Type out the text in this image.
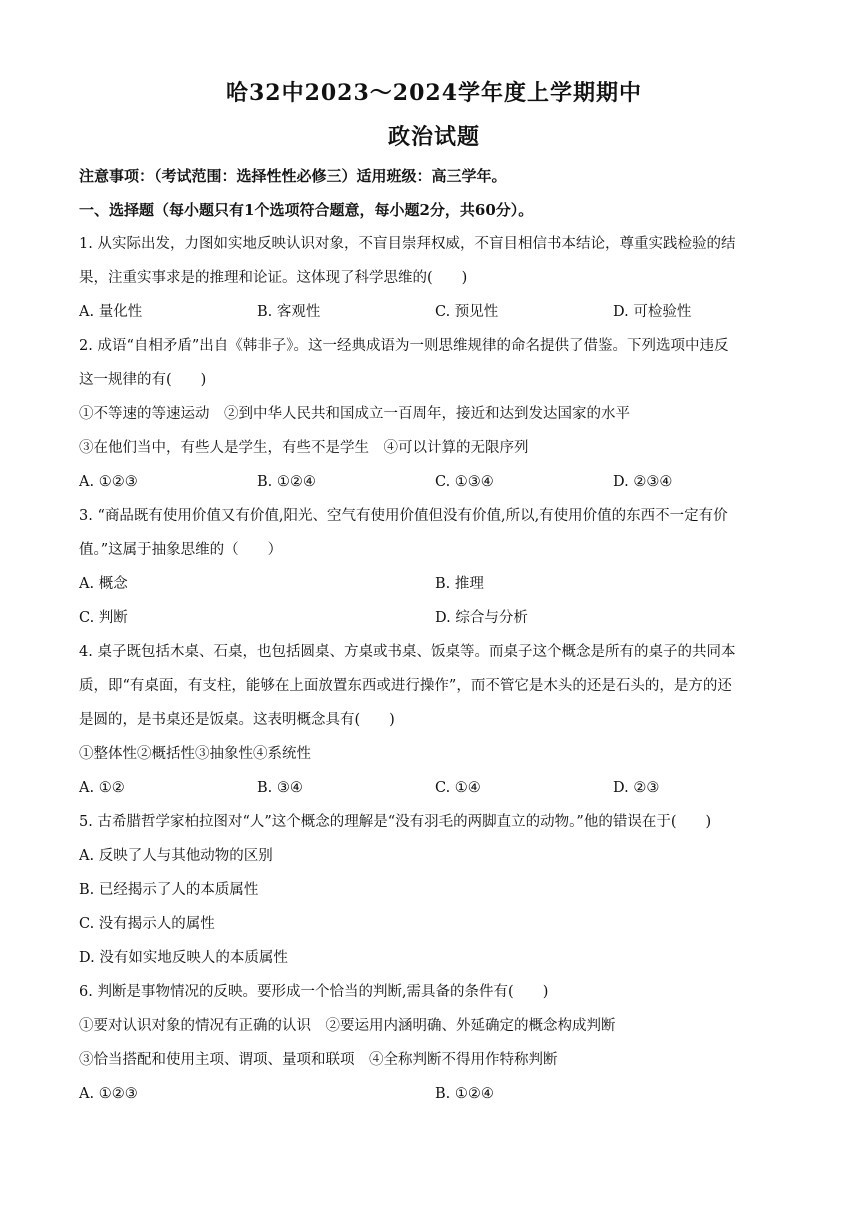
哈32中2023～2024学年度上学期期中
政治试题
注意事项：（考试范围：选择性性必修三）适用班级：高三学年。
一、选择题（每小题只有1个选项符合题意，每小题2分，共60分）。
1. 从实际出发，力图如实地反映认识对象，不盲目崇拜权威，不盲目相信书本结论，尊重实践检验的结
果，注重实事求是的推理和论证。这体现了科学思维的(　　)
A. 量化性	B. 客观性	C. 预见性	D. 可检验性
2. 成语“自相矛盾”出自《韩非子》。这一经典成语为一则思维规律的命名提供了借鉴。下列选项中违反
这一规律的有(　　)
①不等速的等速运动　②到中华人民共和国成立一百周年，接近和达到发达国家的水平
③在他们当中，有些人是学生，有些不是学生　④可以计算的无限序列
A. ①②③	B. ①②④	C. ①③④	D. ②③④
3. “商品既有使用价值又有价值,阳光、空气有使用价值但没有价值,所以,有使用价值的东西不一定有价
值。”这属于抽象思维的（　　）
A. 概念	B. 推理
C. 判断	D. 综合与分析
4. 桌子既包括木桌、石桌，也包括圆桌、方桌或书桌、饭桌等。而桌子这个概念是所有的桌子的共同本
质，即“有桌面，有支柱，能够在上面放置东西或进行操作”，而不管它是木头的还是石头的，是方的还
是圆的，是书桌还是饭桌。这表明概念具有(　　)
①整体性②概括性③抽象性④系统性
A. ①②	B. ③④	C. ①④	D. ②③
5. 古希腊哲学家柏拉图对“人”这个概念的理解是“没有羽毛的两脚直立的动物。”他的错误在于(　　)
A. 反映了人与其他动物的区别
B. 已经揭示了人的本质属性
C. 没有揭示人的属性
D. 没有如实地反映人的本质属性
6. 判断是事物情况的反映。要形成一个恰当的判断,需具备的条件有(　　)
①要对认识对象的情况有正确的认识　②要运用内涵明确、外延确定的概念构成判断
③恰当搭配和使用主项、谓项、量项和联项　④全称判断不得用作特称判断
A. ①②③	B. ①②④
